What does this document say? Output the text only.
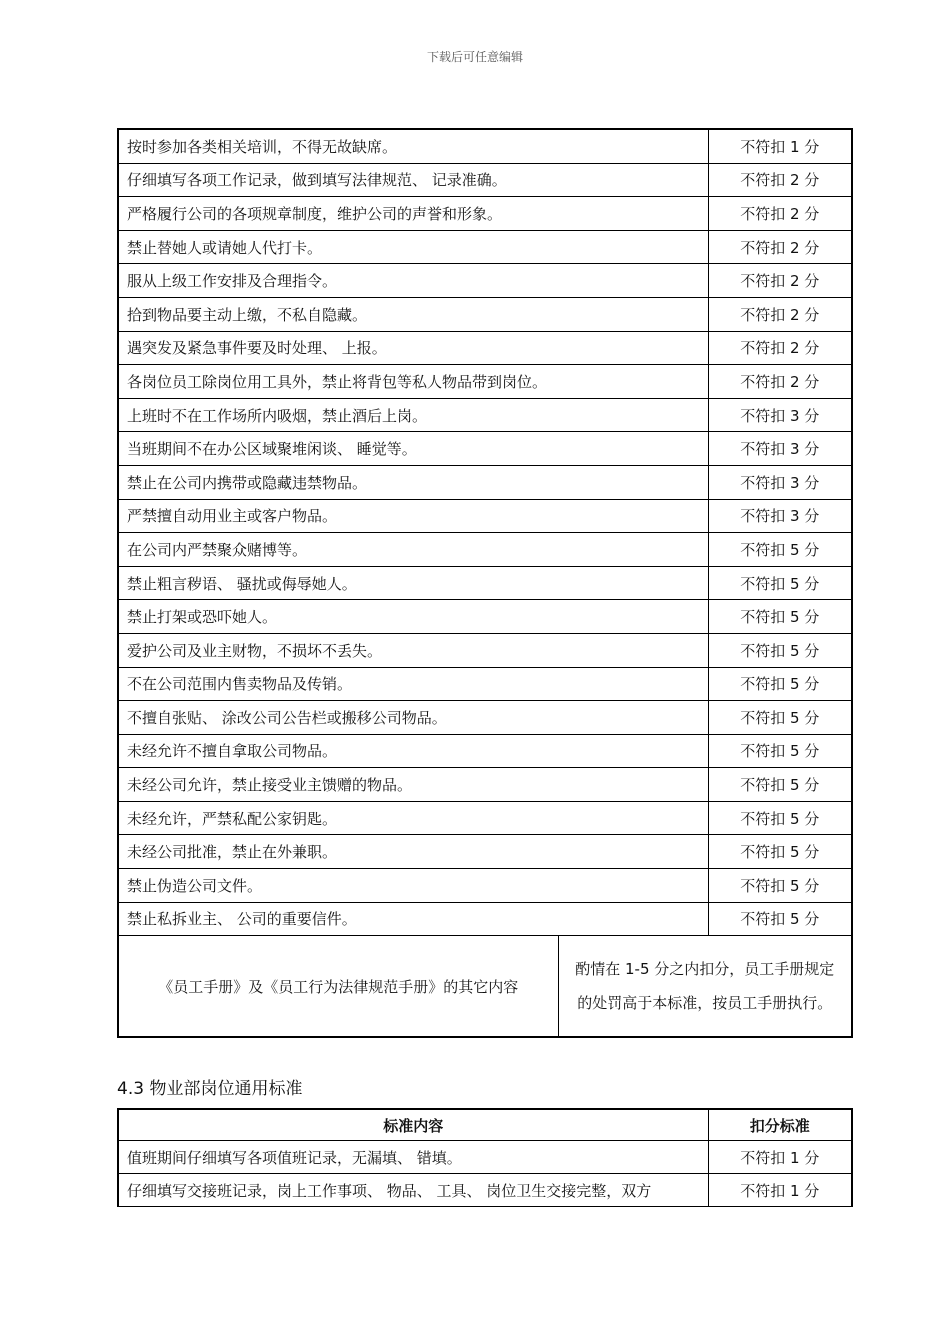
下载后可任意编辑
按时参加各类相关培训，不得无故缺席。		不符扣 1 分
仔细填写各项工作记录，做到填写法律规范、 记录准确。		不符扣 2 分
严格履行公司的各项规章制度，维护公司的声誉和形象。		不符扣 2 分
禁止替她人或请她人代打卡。		不符扣 2 分
服从上级工作安排及合理指令。		不符扣 2 分
拾到物品要主动上缴，不私自隐藏。		不符扣 2 分
遇突发及紧急事件要及时处理、 上报。		不符扣 2 分
各岗位员工除岗位用工具外，禁止将背包等私人物品带到岗位。		不符扣 2 分
上班时不在工作场所内吸烟，禁止酒后上岗。		不符扣 3 分
当班期间不在办公区域聚堆闲谈、 睡觉等。		不符扣 3 分
禁止在公司内携带或隐藏违禁物品。		不符扣 3 分
严禁擅自动用业主或客户物品。		不符扣 3 分
在公司内严禁聚众赌博等。		不符扣 5 分
禁止粗言秽语、 骚扰或侮辱她人。		不符扣 5 分
禁止打架或恐吓她人。		不符扣 5 分
爱护公司及业主财物，不损坏不丢失。		不符扣 5 分
不在公司范围内售卖物品及传销。		不符扣 5 分
不擅自张贴、 涂改公司公告栏或搬移公司物品。		不符扣 5 分
未经允许不擅自拿取公司物品。		不符扣 5 分
未经公司允许，禁止接受业主馈赠的物品。		不符扣 5 分
未经允许，严禁私配公家钥匙。		不符扣 5 分
未经公司批准，禁止在外兼职。		不符扣 5 分
禁止伪造公司文件。		不符扣 5 分
禁止私拆业主、 公司的重要信件。		不符扣 5 分
《员工手册》及《员工行为法律规范手册》的其它内容	酌情在 1-5 分之内扣分，员工手册规定的处罚高于本标准，按员工手册执行。	
4.3 物业部岗位通用标准
标准内容	扣分标准
值班期间仔细填写各项值班记录，无漏填、 错填。	不符扣 1 分
仔细填写交接班记录，岗上工作事项、 物品、 工具、 岗位卫生交接完整，双方	不符扣 1 分
